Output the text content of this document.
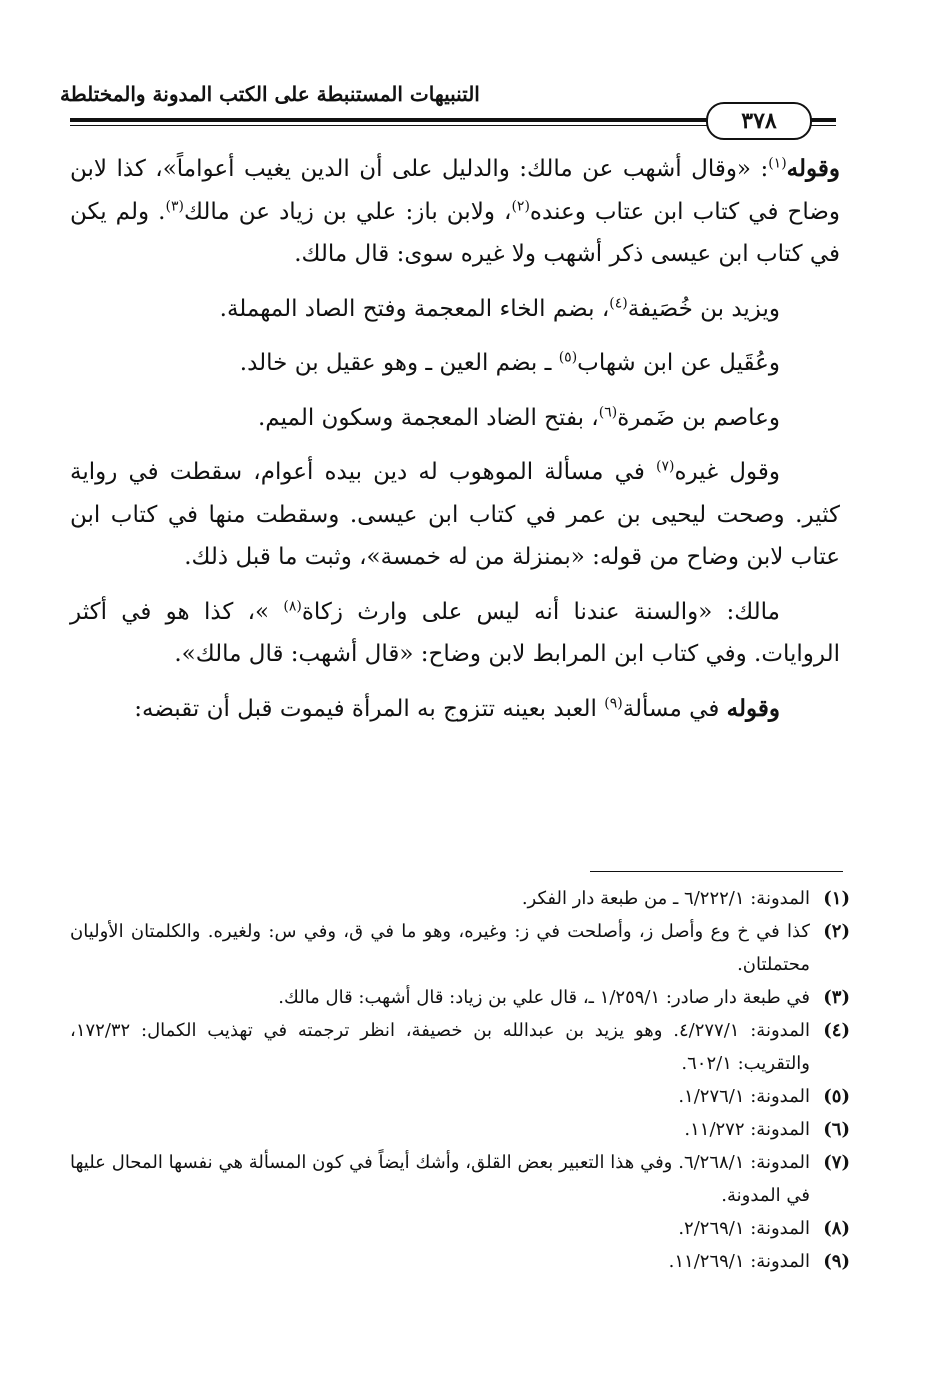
التنبيهات المستنبطة على الكتب المدونة والمختلطة
٣٧٨

وقوله$^{(١)}$: «وقال أشهب عن مالك: والدليل على أن الدين يغيب أعواماً»، كذا لابن وضاح في كتاب ابن عتاب وعنده$^{(٢)}$، ولابن باز: علي بن زياد عن مالك$^{(٣)}$. ولم يكن في كتاب ابن عيسى ذكر أشهب ولا غيره سوى: قال مالك.

ويزيد بن خُصَيفة$^{(٤)}$، بضم الخاء المعجمة وفتح الصاد المهملة.

وعُقَيل عن ابن شهاب$^{(٥)}$ ـ بضم العين ـ وهو عقيل بن خالد.

وعاصم بن ضَمرة$^{(٦)}$، بفتح الضاد المعجمة وسكون الميم.

وقول غيره$^{(٧)}$ في مسألة الموهوب له دين بيده أعوام، سقطت في رواية كثير. وصحت ليحيى بن عمر في كتاب ابن عيسى. وسقطت منها في كتاب ابن عتاب لابن وضاح من قوله: «بمنزلة من له خمسة»، وثبت ما قبل ذلك.

مالك: «والسنة عندنا أنه ليس على وارث زكاة$^{(٨)}$ »، كذا هو في أكثر الروايات. وفي كتاب ابن المرابط لابن وضاح: «قال أشهب: قال مالك».

وقوله في مسألة$^{(٩)}$ العبد بعينه تتزوج به المرأة فيموت قبل أن تقبضه:

(١)
المدونة: ٦/٢٢٢/١ ـ من طبعة دار الفكر.
(٢)
كذا في خ وع وأصل ز، وأصلحت في ز: وغيره، وهو ما في ق، وفي س: ولغيره. والكلمتان الأوليان محتملتان.
(٣)
في طبعة دار صادر: ١/٢٥٩/١ ـ، قال علي بن زياد: قال أشهب: قال مالك.
(٤)
المدونة: ٤/٢٧٧/١. وهو يزيد بن عبدالله بن خصيفة، انظر ترجمته في تهذيب الكمال: ١٧٢/٣٢، والتقريب: ٦٠٢/١.
(٥)
المدونة: ١/٢٧٦/١.
(٦)
المدونة: ١١/٢٧٢.
(٧)
المدونة: ٦/٢٦٨/١. وفي هذا التعبير بعض القلق، وأشك أيضاً في كون المسألة هي نفسها المحال عليها في المدونة.
(٨)
المدونة: ٢/٢٦٩/١.
(٩)
المدونة: ١١/٢٦٩/١.
